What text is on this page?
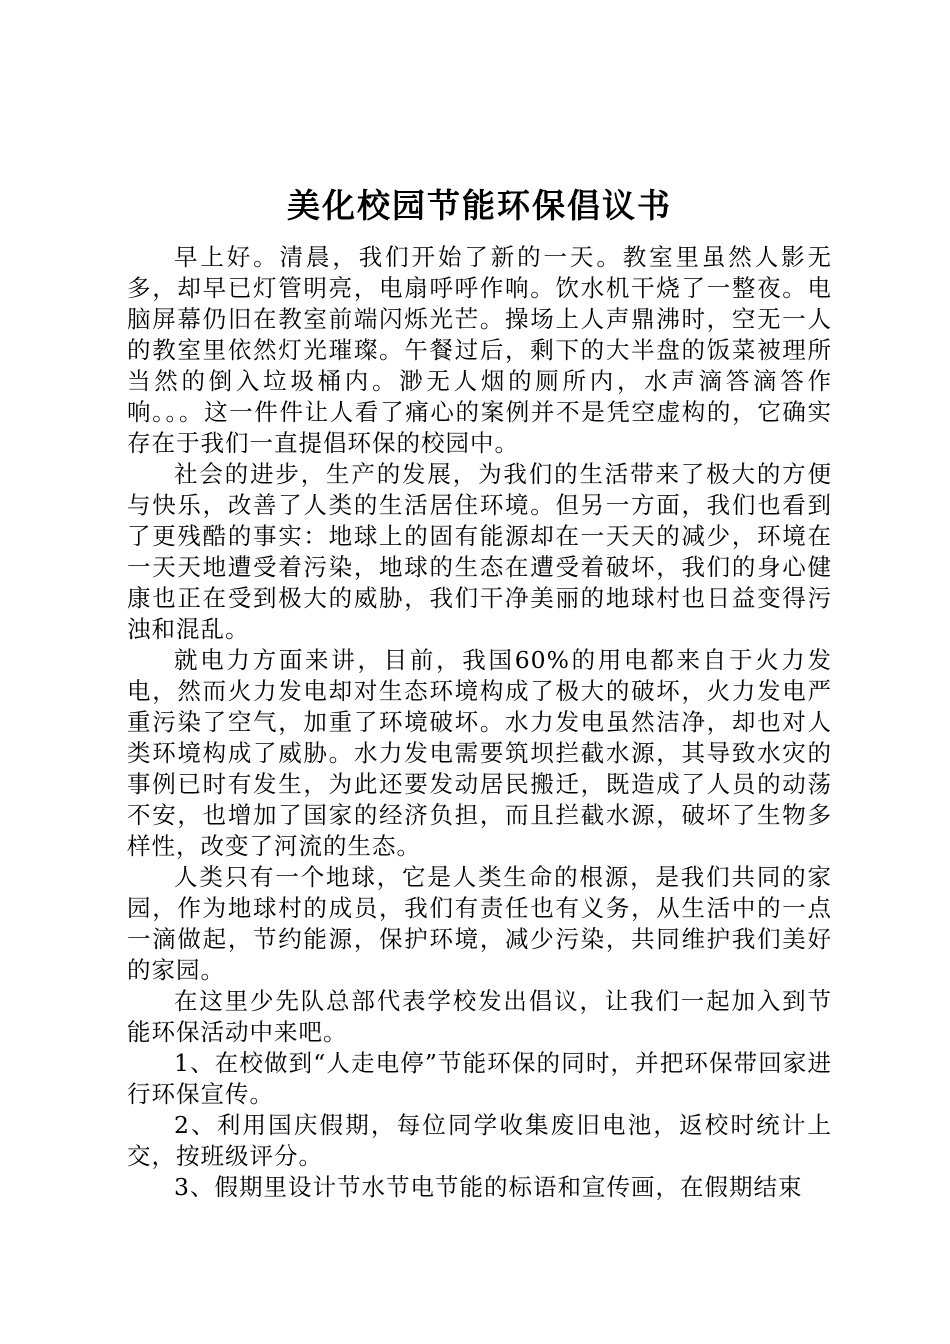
美化校园节能环保倡议书

早上好。清晨，我们开始了新的一天。教室里虽然人影无多，却早已灯管明亮，电扇呼呼作响。饮水机干烧了一整夜。电脑屏幕仍旧在教室前端闪烁光芒。操场上人声鼎沸时，空无一人的教室里依然灯光璀璨。午餐过后，剩下的大半盘的饭菜被理所当然的倒入垃圾桶内。渺无人烟的厕所内，水声滴答滴答作响。。。这一件件让人看了痛心的案例并不是凭空虚构的，它确实存在于我们一直提倡环保的校园中。

社会的进步，生产的发展，为我们的生活带来了极大的方便与快乐，改善了人类的生活居住环境。但另一方面，我们也看到了更残酷的事实：地球上的固有能源却在一天天的减少，环境在一天天地遭受着污染，地球的生态在遭受着破坏，我们的身心健康也正在受到极大的威胁，我们干净美丽的地球村也日益变得污浊和混乱。

就电力方面来讲，目前，我国60%的用电都来自于火力发电，然而火力发电却对生态环境构成了极大的破坏，火力发电严重污染了空气，加重了环境破坏。水力发电虽然洁净，却也对人类环境构成了威胁。水力发电需要筑坝拦截水源，其导致水灾的事例已时有发生，为此还要发动居民搬迁，既造成了人员的动荡不安，也增加了国家的经济负担，而且拦截水源，破坏了生物多样性，改变了河流的生态。

人类只有一个地球，它是人类生命的根源，是我们共同的家园，作为地球村的成员，我们有责任也有义务，从生活中的一点一滴做起，节约能源，保护环境，减少污染，共同维护我们美好的家园。

在这里少先队总部代表学校发出倡议，让我们一起加入到节能环保活动中来吧。

1、在校做到“人走电停”节能环保的同时，并把环保带回家进行环保宣传。

2、利用国庆假期，每位同学收集废旧电池，返校时统计上交，按班级评分。

3、假期里设计节水节电节能的标语和宣传画，在假期结束
